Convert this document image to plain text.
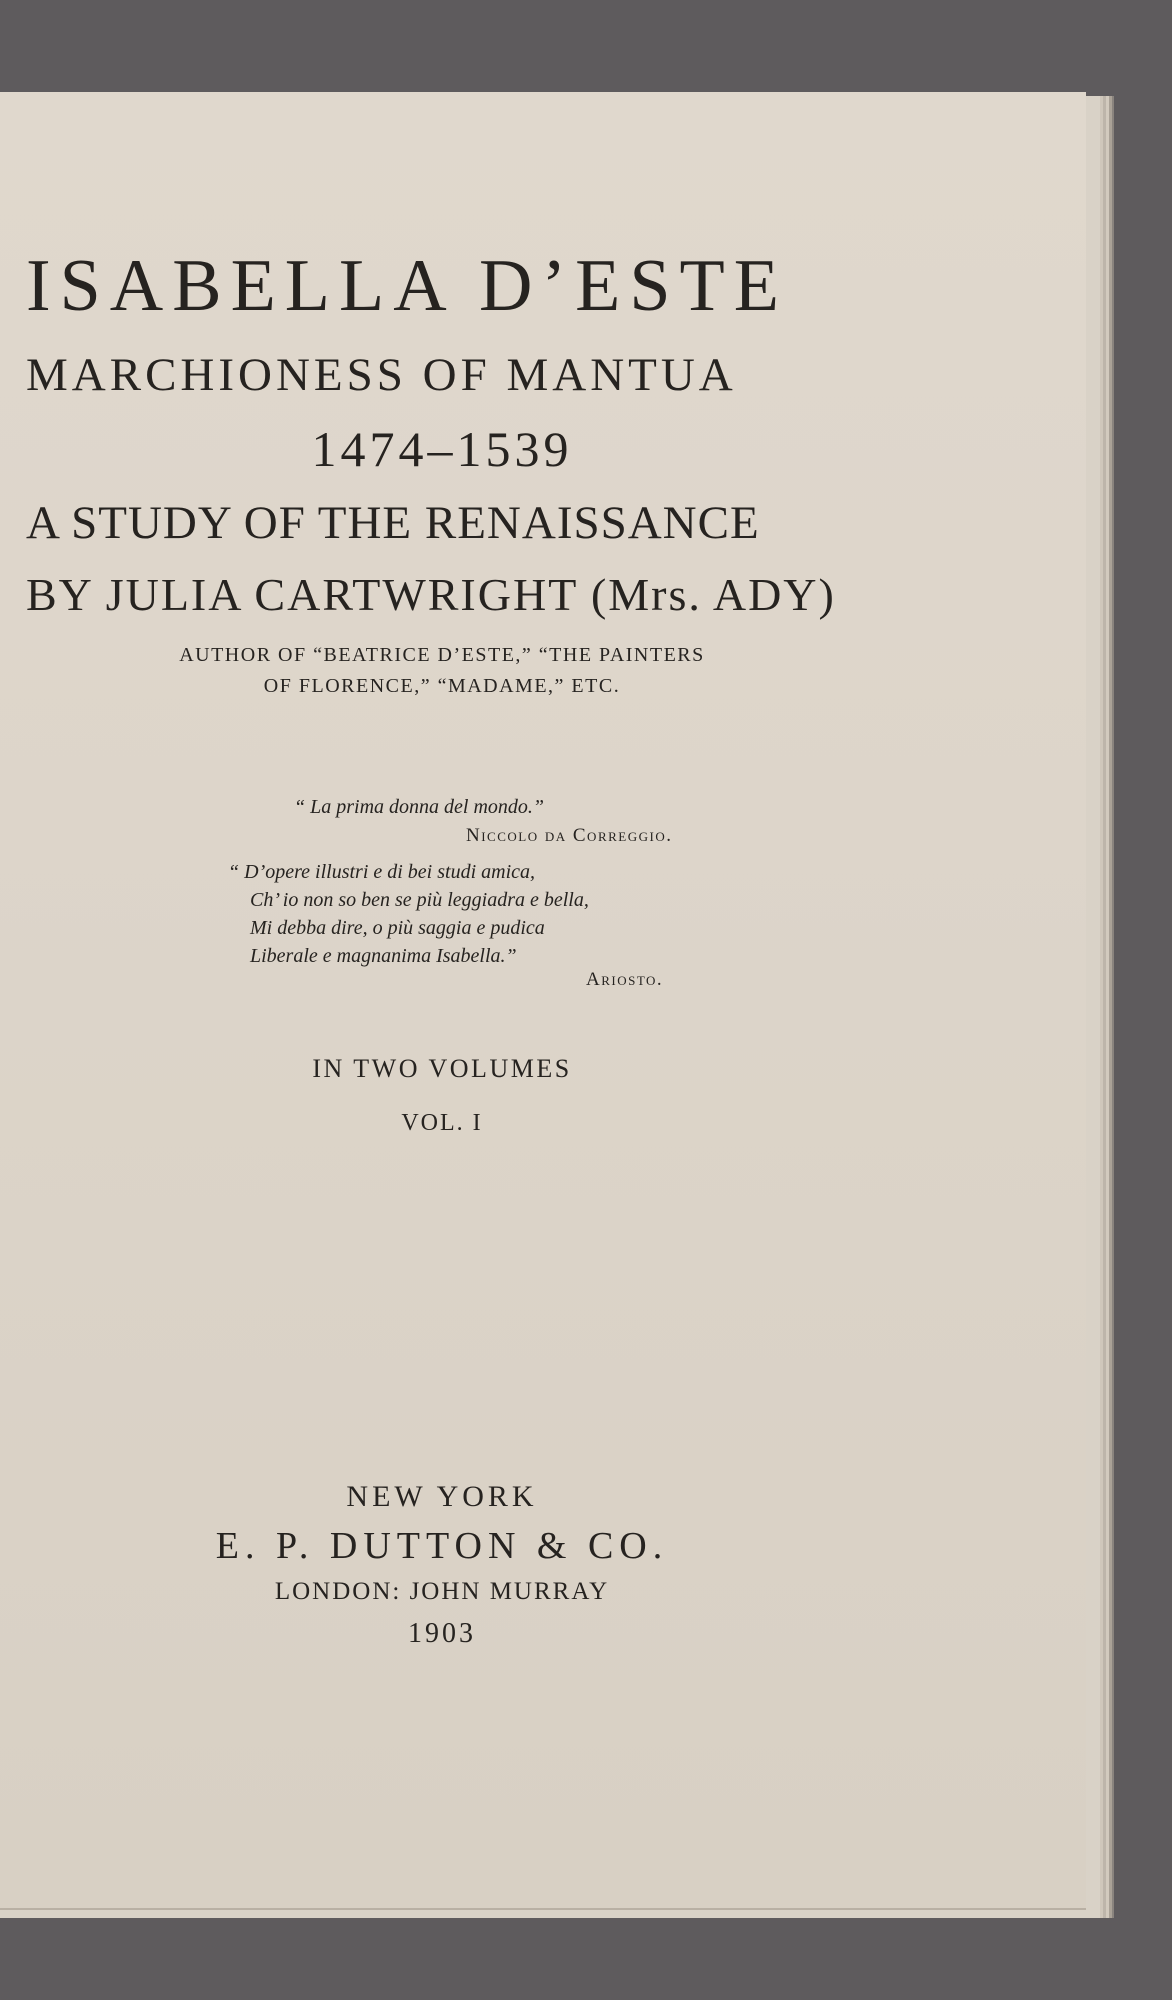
ISABELLA D’ESTE
MARCHIONESS OF MANTUA
1474–1539
A STUDY OF THE RENAISSANCE
BY JULIA CARTWRIGHT (Mrs. ADY)
AUTHOR OF “BEATRICE D’ESTE,” “THE PAINTERS
OF FLORENCE,” “MADAME,” ETC.
“ La prima donna del mondo.”
Niccolo da Correggio.
“ D’opere illustri e di bei studi amica,
Ch’ io non so ben se più leggiadra e bella,
Mi debba dire, o più saggia e pudica
Liberale e magnanima Isabella.”
Ariosto.
IN TWO VOLUMES
VOL. I
NEW YORK
E. P. DUTTON & CO.
LONDON: JOHN MURRAY
1903
